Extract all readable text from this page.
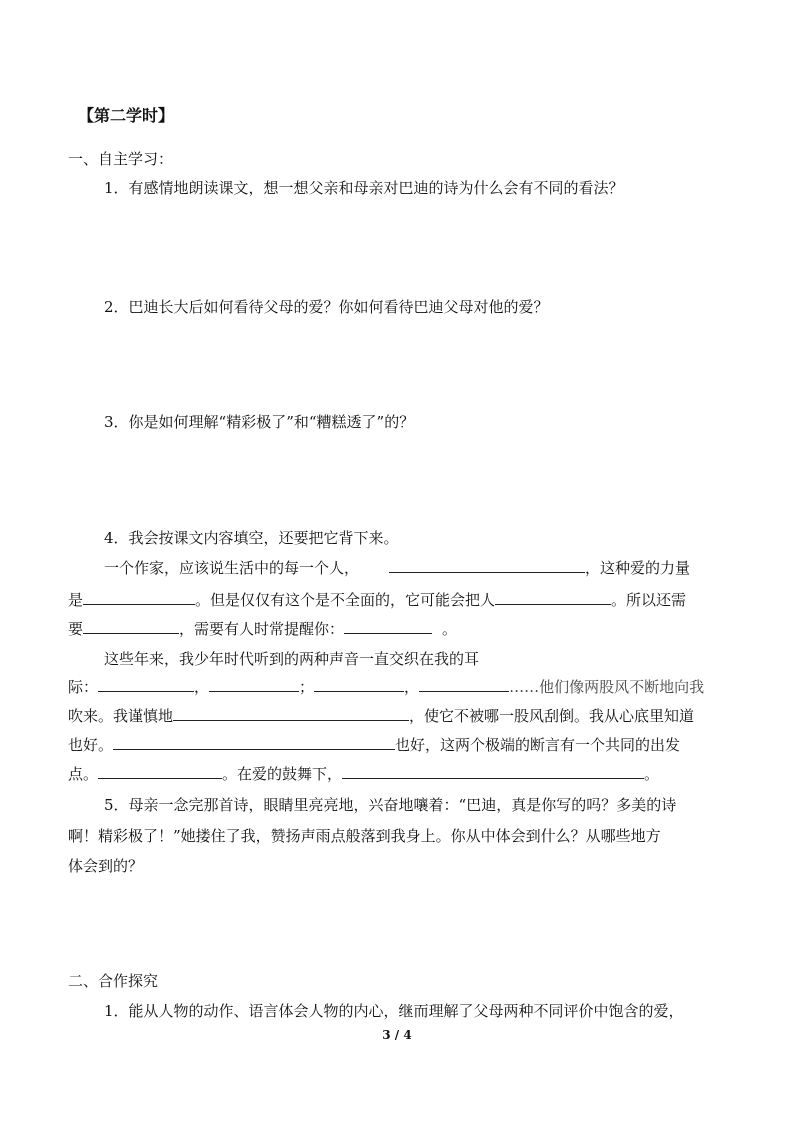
【第二学时】
一、自主学习：
1．有感情地朗读课文，想一想父亲和母亲对巴迪的诗为什么会有不同的看法？
2．巴迪长大后如何看待父母的爱？你如何看待巴迪父母对他的爱？
3．你是如何理解“精彩极了”和“糟糕透了”的？
4．我会按课文内容填空，还要把它背下来。
一个作家，应该说生活中的每一个人，	，这种爱的力量
是	。但是仅仅有这个是不全面的，它可能会把人	。所以还需
要	，需要有人时常提醒你：	。
这些年来，我少年时代听到的两种声音一直交织在我的耳
际：	，	；	，	……他们像两股风不断地向我
吹来。我谨慎地	，使它不被哪一股风刮倒。我从心底里知道
也好。	也好，这两个极端的断言有一个共同的出发
点。	。在爱的鼓舞下，	。
5．母亲一念完那首诗，眼睛里亮亮地，兴奋地嚷着：“巴迪，真是你写的吗？多美的诗
啊！精彩极了！”她搂住了我，赞扬声雨点般落到我身上。你从中体会到什么？从哪些地方
体会到的？
二、合作探究
1．能从人物的动作、语言体会人物的内心，继而理解了父母两种不同评价中饱含的爱，
3 / 4
